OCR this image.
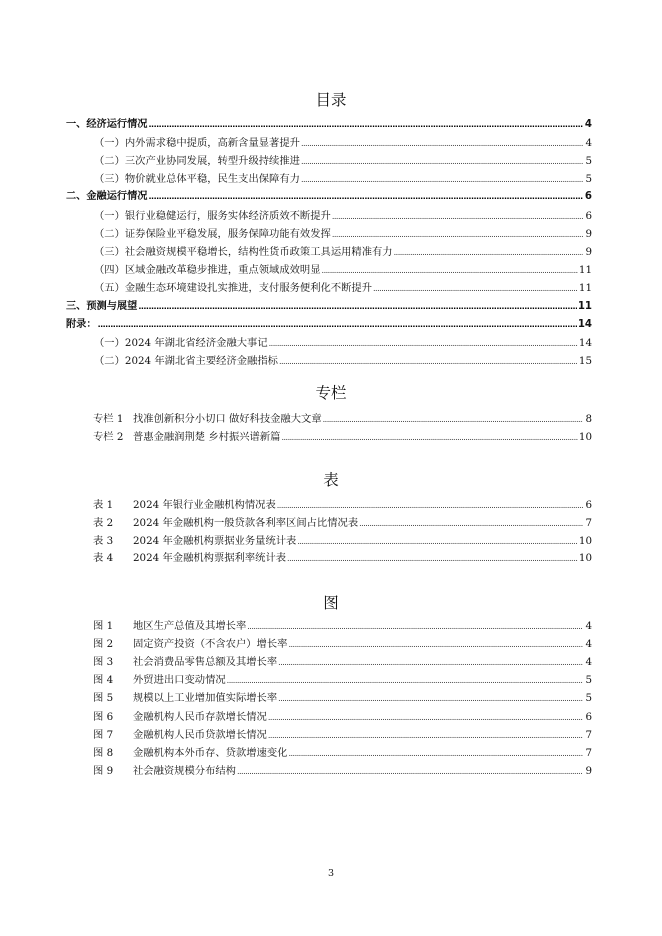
目录
一、 经济运行情况 .....	4
（一） 内外需求稳中提质，高新含量显著提升 .....	4
（二） 三次产业协同发展，转型升级持续推进 .....	5
（三） 物价就业总体平稳，民生支出保障有力 .....	5
二、 金融运行情况 .....	6
（一） 银行业稳健运行，服务实体经济质效不断提升 .....	6
（二） 证券保险业平稳发展，服务保障功能有效发挥 .....	9
（三） 社会融资规模平稳增长，结构性货币政策工具运用精准有力 .....	9
（四） 区域金融改革稳步推进，重点领域成效明显 .....	11
（五） 金融生态环境建设扎实推进，支付服务便利化不断提升 .....	11
三、 预测与展望 .....	11
附录： .....	14
（一） 2024 年湖北省经济金融大事记 .....	14
（二） 2024 年湖北省主要经济金融指标 .....	15
专栏
专栏 1 找准创新积分小切口 做好科技金融大文章 .....	8
专栏 2 普惠金融润荆楚 乡村振兴谱新篇 .....	10
表
表 1	2024 年银行业金融机构情况表 .....	6
表 2	2024 年金融机构一般贷款各利率区间占比情况表 .....	7
表 3	2024 年金融机构票据业务量统计表 .....	10
表 4	2024 年金融机构票据利率统计表 .....	10
图
图 1	地区生产总值及其增长率 .....	4
图 2	固定资产投资（不含农户）增长率 .....	4
图 3	社会消费品零售总额及其增长率 .....	4
图 4	外贸进出口变动情况 .....	5
图 5	规模以上工业增加值实际增长率 .....	5
图 6	金融机构人民币存款增长情况 .....	6
图 7	金融机构人民币贷款增长情况 .....	7
图 8	金融机构本外币存、贷款增速变化 .....	7
图 9	社会融资规模分布结构 .....	9
3
